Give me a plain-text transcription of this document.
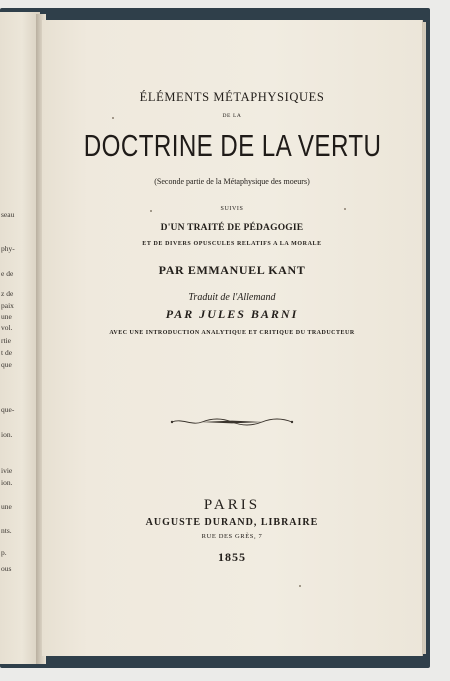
seau
phy-
e de
z de
paix
une
vol.
rtie
t de
que
que-
ion.
ivie
ion.
une
nts.
p.
ous
ÉLÉMENTS MÉTAPHYSIQUES
DE LA
DOCTRINE DE LA VERTU
(Seconde partie de la Métaphysique des moeurs)
SUIVIS
D'UN TRAITÉ DE PÉDAGOGIE
ET DE DIVERS OPUSCULES RELATIFS A LA MORALE
PAR EMMANUEL KANT
Traduit de l'Allemand
PAR JULES BARNI
AVEC UNE INTRODUCTION ANALYTIQUE ET CRITIQUE DU TRADUCTEUR
PARIS
AUGUSTE DURAND, LIBRAIRE
RUE DES GRÈS, 7
1855
